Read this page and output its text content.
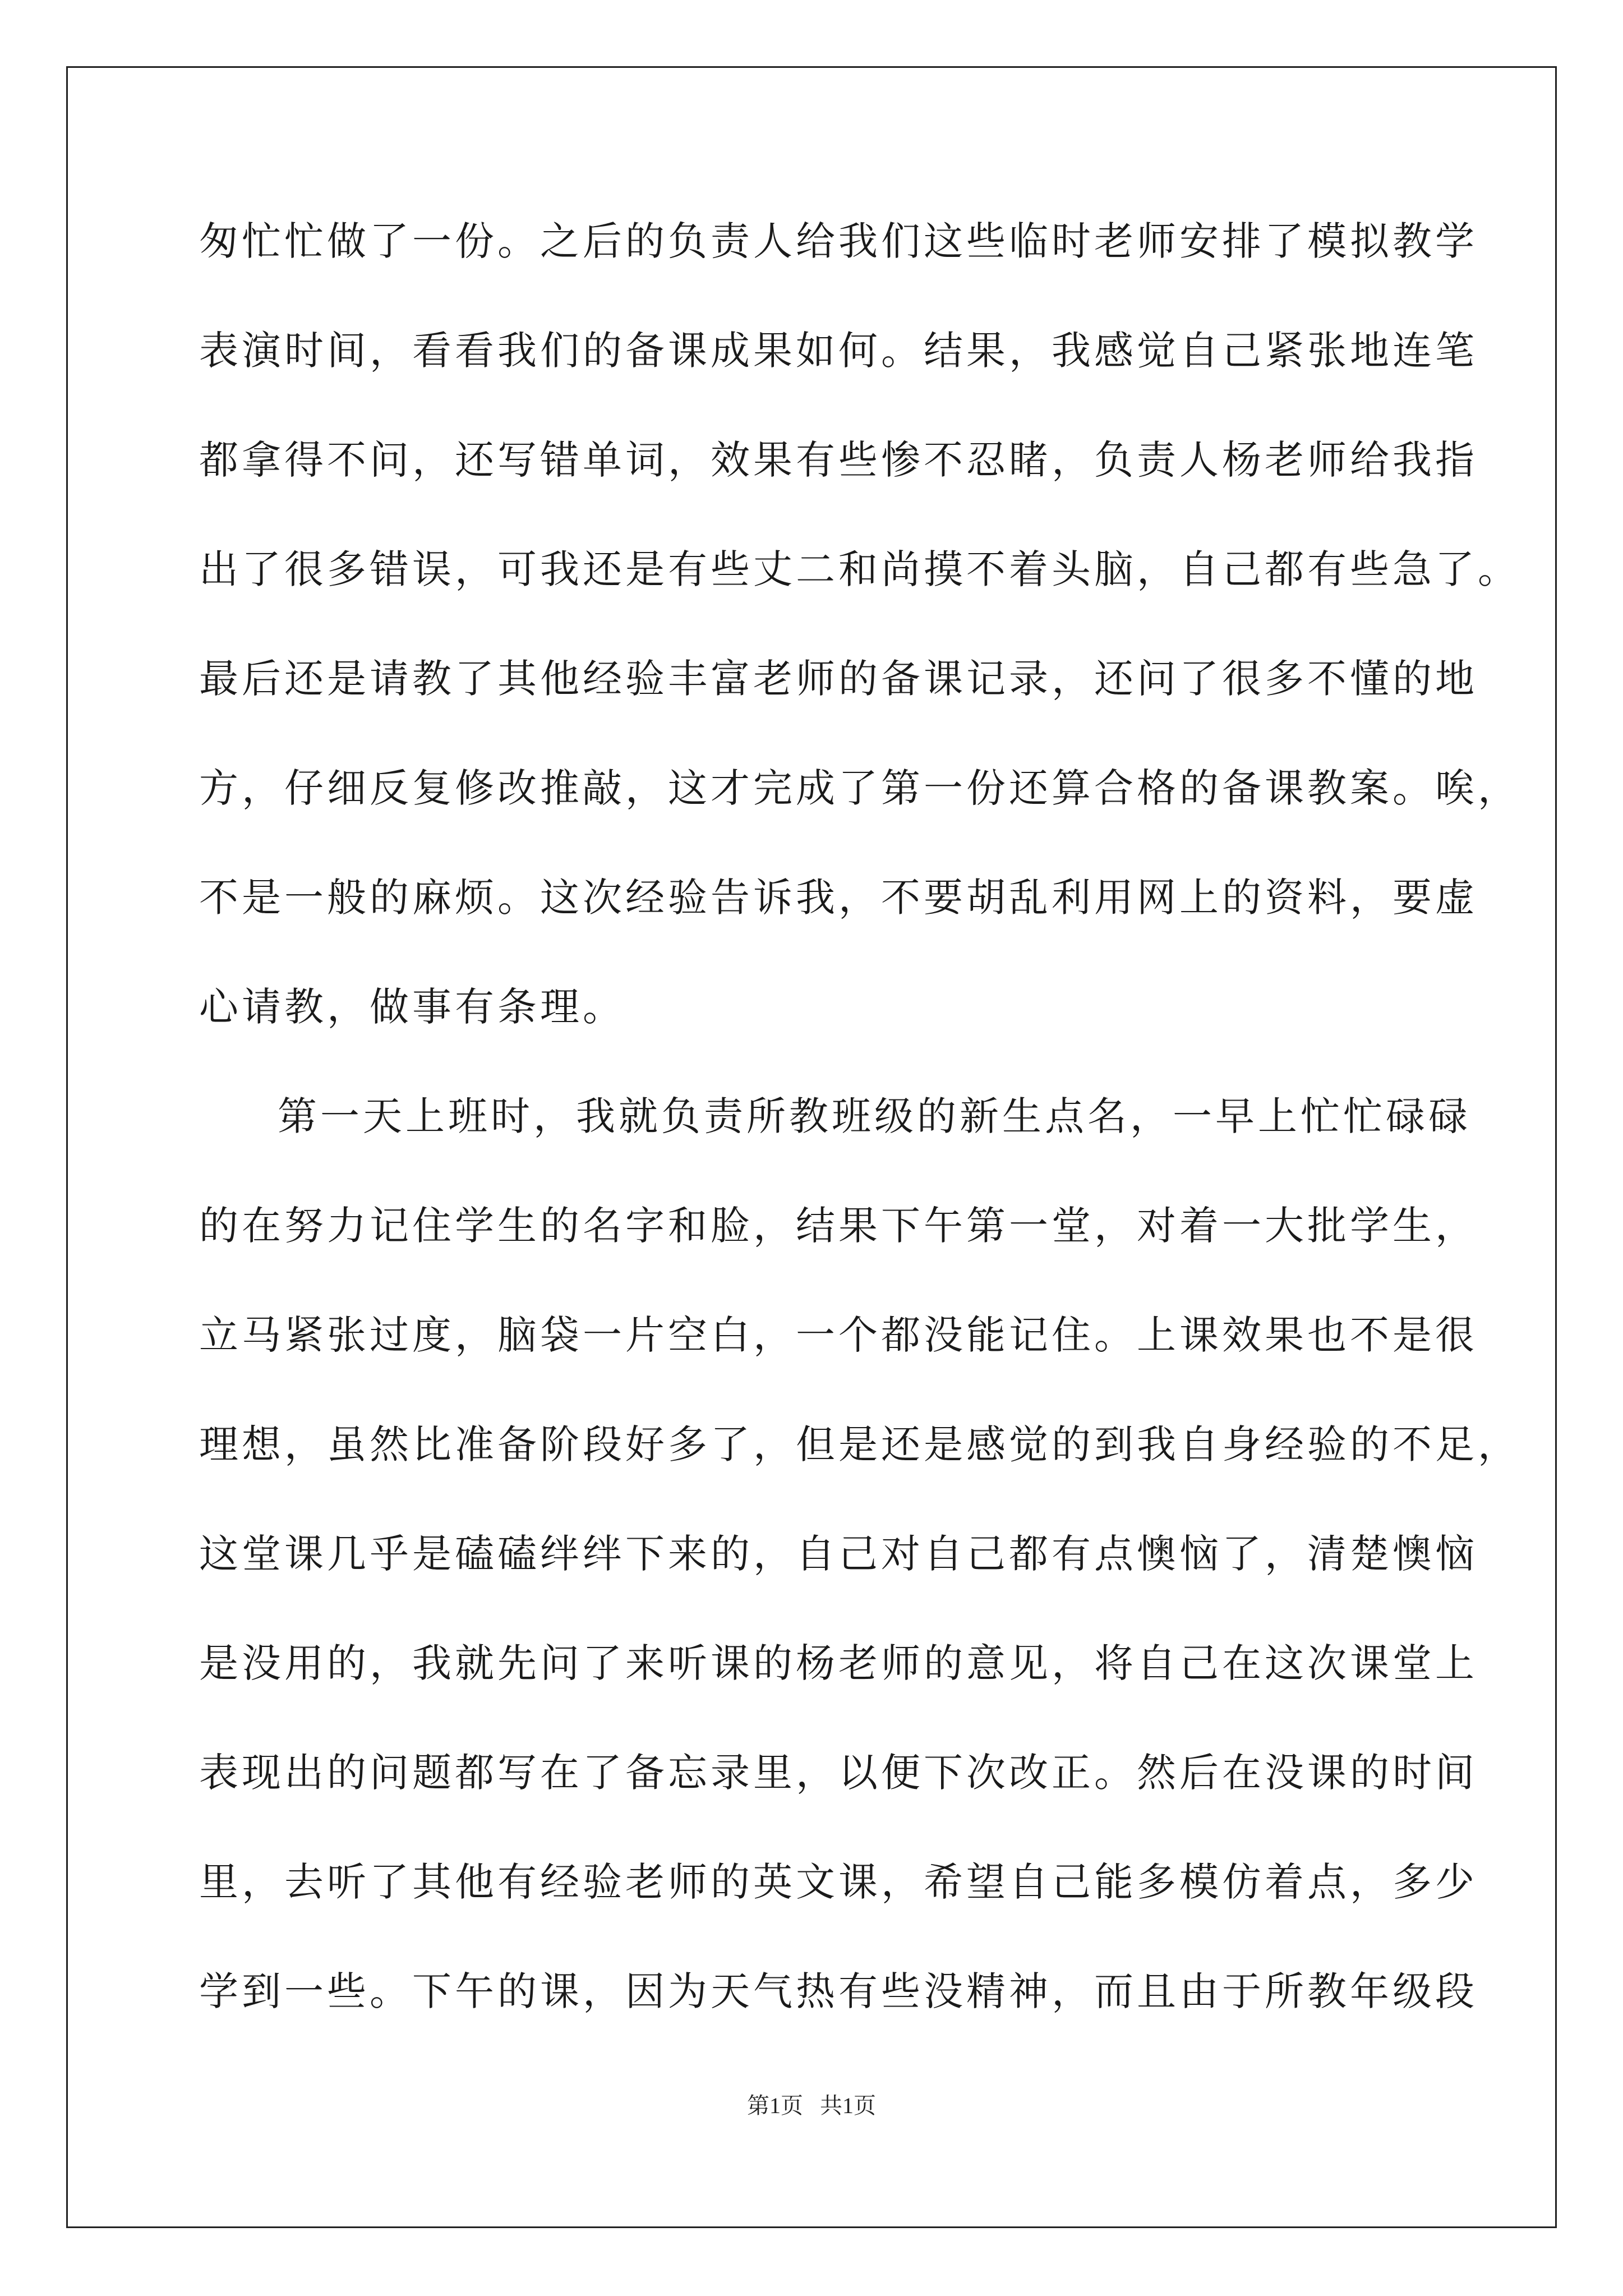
匆忙忙做了一份。之后的负责人给我们这些临时老师安排了模拟教学
表演时间，看看我们的备课成果如何。结果，我感觉自己紧张地连笔
都拿得不问，还写错单词，效果有些惨不忍睹，负责人杨老师给我指
出了很多错误，可我还是有些丈二和尚摸不着头脑，自己都有些急了。
最后还是请教了其他经验丰富老师的备课记录，还问了很多不懂的地
方，仔细反复修改推敲，这才完成了第一份还算合格的备课教案。唉，
不是一般的麻烦。这次经验告诉我，不要胡乱利用网上的资料，要虚
心请教，做事有条理。
第一天上班时，我就负责所教班级的新生点名，一早上忙忙碌碌
的在努力记住学生的名字和脸，结果下午第一堂，对着一大批学生，
立马紧张过度，脑袋一片空白，一个都没能记住。上课效果也不是很
理想，虽然比准备阶段好多了，但是还是感觉的到我自身经验的不足，
这堂课几乎是磕磕绊绊下来的，自己对自己都有点懊恼了，清楚懊恼
是没用的，我就先问了来听课的杨老师的意见，将自己在这次课堂上
表现出的问题都写在了备忘录里，以便下次改正。然后在没课的时间
里，去听了其他有经验老师的英文课，希望自己能多模仿着点，多少
学到一些。下午的课，因为天气热有些没精神，而且由于所教年级段
第1页 共1页
